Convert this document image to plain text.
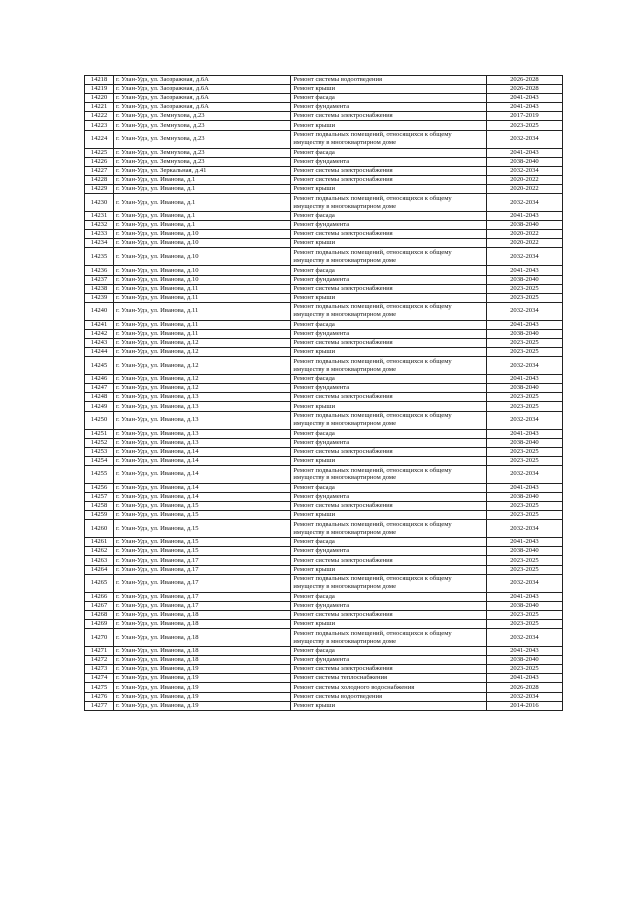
14218	г. Улан-Удэ, ул. Заозражная, д.6А	Ремонт системы водоотведения	2026-2028
14219	г. Улан-Удэ, ул. Заозражная, д.6А	Ремонт крыши	2026-2028
14220	г. Улан-Удэ, ул. Заозражная, д.6А	Ремонт фасада	2041-2043
14221	г. Улан-Удэ, ул. Заозражная, д.6А	Ремонт фундамента	2041-2043
14222	г. Улан-Удэ, ул. Земнухова, д.23	Ремонт системы электроснабжения	2017-2019
14223	г. Улан-Удэ, ул. Земнухова, д.23	Ремонт крыши	2023-2025
14224	г. Улан-Удэ, ул. Земнухова, д.23	Ремонт подвальных помещений, относящихся к общему имуществу в многоквартирном доме	2032-2034
14225	г. Улан-Удэ, ул. Земнухова, д.23	Ремонт фасада	2041-2043
14226	г. Улан-Удэ, ул. Земнухова, д.23	Ремонт фундамента	2038-2040
14227	г. Улан-Удэ, ул. Зеркальная, д.41	Ремонт системы электроснабжения	2032-2034
14228	г. Улан-Удэ, ул. Иванова, д.1	Ремонт системы электроснабжения	2020-2022
14229	г. Улан-Удэ, ул. Иванова, д.1	Ремонт крыши	2020-2022
14230	г. Улан-Удэ, ул. Иванова, д.1	Ремонт подвальных помещений, относящихся к общему имуществу в многоквартирном доме	2032-2034
14231	г. Улан-Удэ, ул. Иванова, д.1	Ремонт фасада	2041-2043
14232	г. Улан-Удэ, ул. Иванова, д.1	Ремонт фундамента	2038-2040
14233	г. Улан-Удэ, ул. Иванова, д.10	Ремонт системы электроснабжения	2020-2022
14234	г. Улан-Удэ, ул. Иванова, д.10	Ремонт крыши	2020-2022
14235	г. Улан-Удэ, ул. Иванова, д.10	Ремонт подвальных помещений, относящихся к общему имуществу в многоквартирном доме	2032-2034
14236	г. Улан-Удэ, ул. Иванова, д.10	Ремонт фасада	2041-2043
14237	г. Улан-Удэ, ул. Иванова, д.10	Ремонт фундамента	2038-2040
14238	г. Улан-Удэ, ул. Иванова, д.11	Ремонт системы электроснабжения	2023-2025
14239	г. Улан-Удэ, ул. Иванова, д.11	Ремонт крыши	2023-2025
14240	г. Улан-Удэ, ул. Иванова, д.11	Ремонт подвальных помещений, относящихся к общему имуществу в многоквартирном доме	2032-2034
14241	г. Улан-Удэ, ул. Иванова, д.11	Ремонт фасада	2041-2043
14242	г. Улан-Удэ, ул. Иванова, д.11	Ремонт фундамента	2038-2040
14243	г. Улан-Удэ, ул. Иванова, д.12	Ремонт системы электроснабжения	2023-2025
14244	г. Улан-Удэ, ул. Иванова, д.12	Ремонт крыши	2023-2025
14245	г. Улан-Удэ, ул. Иванова, д.12	Ремонт подвальных помещений, относящихся к общему имуществу в многоквартирном доме	2032-2034
14246	г. Улан-Удэ, ул. Иванова, д.12	Ремонт фасада	2041-2043
14247	г. Улан-Удэ, ул. Иванова, д.12	Ремонт фундамента	2038-2040
14248	г. Улан-Удэ, ул. Иванова, д.13	Ремонт системы электроснабжения	2023-2025
14249	г. Улан-Удэ, ул. Иванова, д.13	Ремонт крыши	2023-2025
14250	г. Улан-Удэ, ул. Иванова, д.13	Ремонт подвальных помещений, относящихся к общему имуществу в многоквартирном доме	2032-2034
14251	г. Улан-Удэ, ул. Иванова, д.13	Ремонт фасада	2041-2043
14252	г. Улан-Удэ, ул. Иванова, д.13	Ремонт фундамента	2038-2040
14253	г. Улан-Удэ, ул. Иванова, д.14	Ремонт системы электроснабжения	2023-2025
14254	г. Улан-Удэ, ул. Иванова, д.14	Ремонт крыши	2023-2025
14255	г. Улан-Удэ, ул. Иванова, д.14	Ремонт подвальных помещений, относящихся к общему имуществу в многоквартирном доме	2032-2034
14256	г. Улан-Удэ, ул. Иванова, д.14	Ремонт фасада	2041-2043
14257	г. Улан-Удэ, ул. Иванова, д.14	Ремонт фундамента	2038-2040
14258	г. Улан-Удэ, ул. Иванова, д.15	Ремонт системы электроснабжения	2023-2025
14259	г. Улан-Удэ, ул. Иванова, д.15	Ремонт крыши	2023-2025
14260	г. Улан-Удэ, ул. Иванова, д.15	Ремонт подвальных помещений, относящихся к общему имуществу в многоквартирном доме	2032-2034
14261	г. Улан-Удэ, ул. Иванова, д.15	Ремонт фасада	2041-2043
14262	г. Улан-Удэ, ул. Иванова, д.15	Ремонт фундамента	2038-2040
14263	г. Улан-Удэ, ул. Иванова, д.17	Ремонт системы электроснабжения	2023-2025
14264	г. Улан-Удэ, ул. Иванова, д.17	Ремонт крыши	2023-2025
14265	г. Улан-Удэ, ул. Иванова, д.17	Ремонт подвальных помещений, относящихся к общему имуществу в многоквартирном доме	2032-2034
14266	г. Улан-Удэ, ул. Иванова, д.17	Ремонт фасада	2041-2043
14267	г. Улан-Удэ, ул. Иванова, д.17	Ремонт фундамента	2038-2040
14268	г. Улан-Удэ, ул. Иванова, д.18	Ремонт системы электроснабжения	2023-2025
14269	г. Улан-Удэ, ул. Иванова, д.18	Ремонт крыши	2023-2025
14270	г. Улан-Удэ, ул. Иванова, д.18	Ремонт подвальных помещений, относящихся к общему имуществу в многоквартирном доме	2032-2034
14271	г. Улан-Удэ, ул. Иванова, д.18	Ремонт фасада	2041-2043
14272	г. Улан-Удэ, ул. Иванова, д.18	Ремонт фундамента	2038-2040
14273	г. Улан-Удэ, ул. Иванова, д.19	Ремонт системы электроснабжения	2023-2025
14274	г. Улан-Удэ, ул. Иванова, д.19	Ремонт системы теплоснабжения	2041-2043
14275	г. Улан-Удэ, ул. Иванова, д.19	Ремонт системы холодного водоснабжения	2026-2028
14276	г. Улан-Удэ, ул. Иванова, д.19	Ремонт системы водоотведения	2032-2034
14277	г. Улан-Удэ, ул. Иванова, д.19	Ремонт крыши	2014-2016
